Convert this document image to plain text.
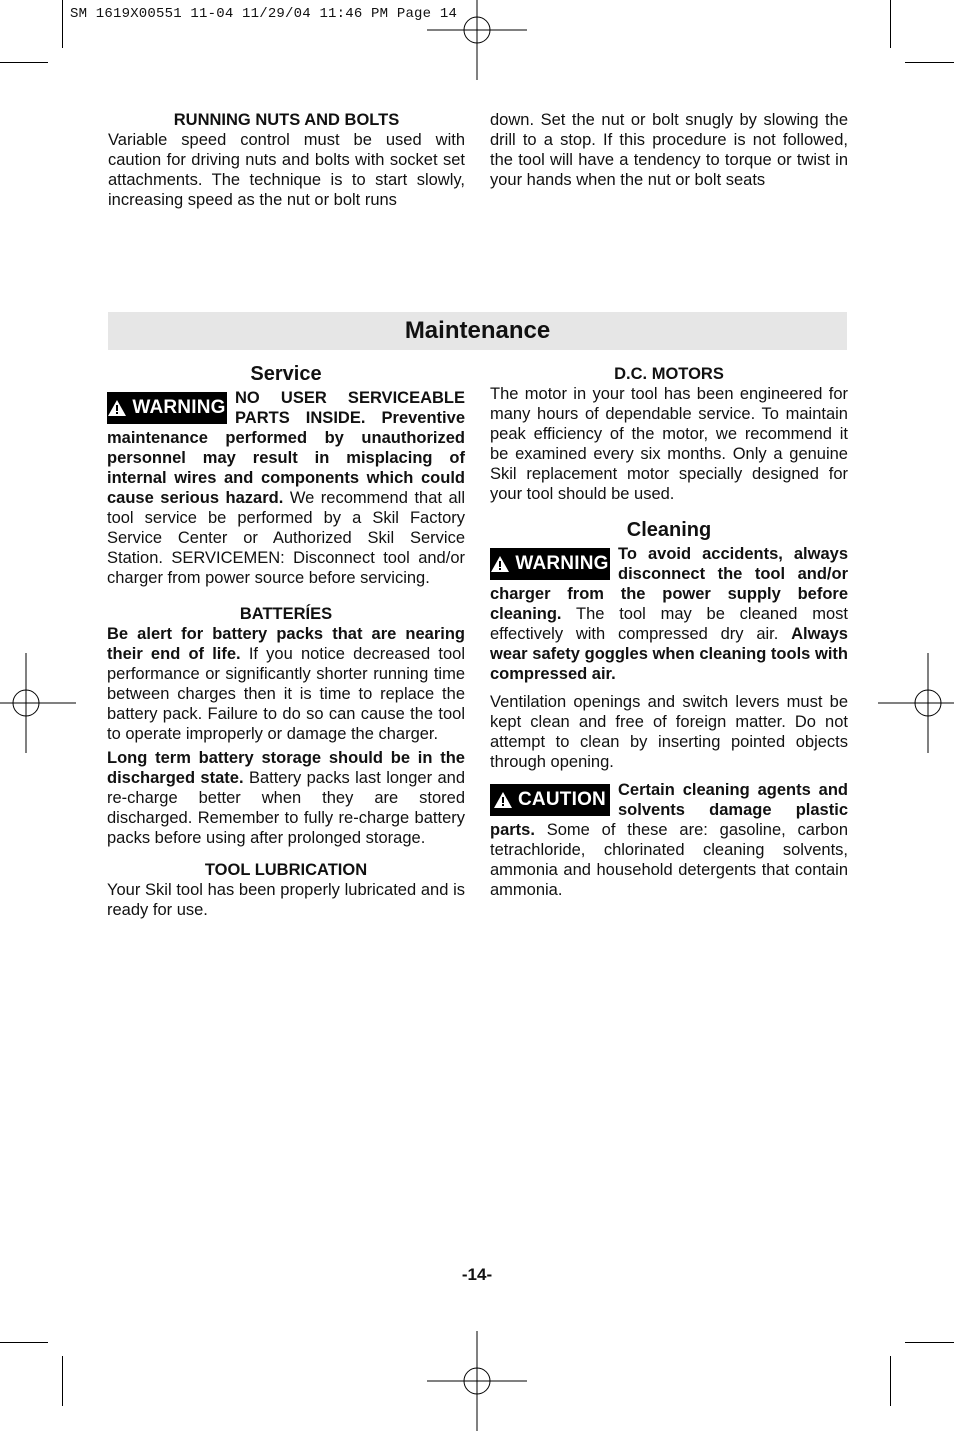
SM 1619X00551 11-04 11/29/04 11:46 PM Page 14

RUNNING NUTS AND BOLTS

Variable speed control must be used with caution for driving nuts and bolts with socket set attachments. The technique is to start slowly, increasing speed as the nut or bolt runs

down. Set the nut or bolt snugly by slowing the drill to a stop. If this procedure is not followed, the tool will have a tendency to torque or twist in your hands when the nut or bolt seats

Maintenance

Service

WARNING NO USER SERVICEABLE PARTS INSIDE. Preventive maintenance performed by unauthorized personnel may result in misplacing of internal wires and components which could cause serious hazard. We recommend that all tool service be performed by a Skil Factory Service Center or Authorized Skil Service Station. SERVICEMEN: Disconnect tool and/or charger from power source before servicing.

BATTERÍES

Be alert for battery packs that are nearing their end of life. If you notice decreased tool performance or significantly shorter running time between charges then it is time to replace the battery pack. Failure to do so can cause the tool to operate improperly or damage the charger.

Long term battery storage should be in the discharged state. Battery packs last longer and re-charge better when they are stored discharged. Remember to fully re-charge battery packs before using after prolonged storage.

TOOL LUBRICATION

Your Skil tool has been properly lubricated and is ready for use.

D.C. MOTORS

The motor in your tool has been engineered for many hours of dependable service. To maintain peak efficiency of the motor, we recommend it be examined every six months. Only a genuine Skil replacement motor specially designed for your tool should be used.

Cleaning

WARNING To avoid accidents, always disconnect the tool and/or charger from the power supply before cleaning. The tool may be cleaned most effectively with compressed dry air. Always wear safety goggles when cleaning tools with compressed air.

Ventilation openings and switch levers must be kept clean and free of foreign matter. Do not attempt to clean by inserting pointed objects through opening.

CAUTION Certain cleaning agents and solvents damage plastic parts. Some of these are: gasoline, carbon tetrachloride, chlorinated cleaning solvents, ammonia and household detergents that contain ammonia.

-14-
